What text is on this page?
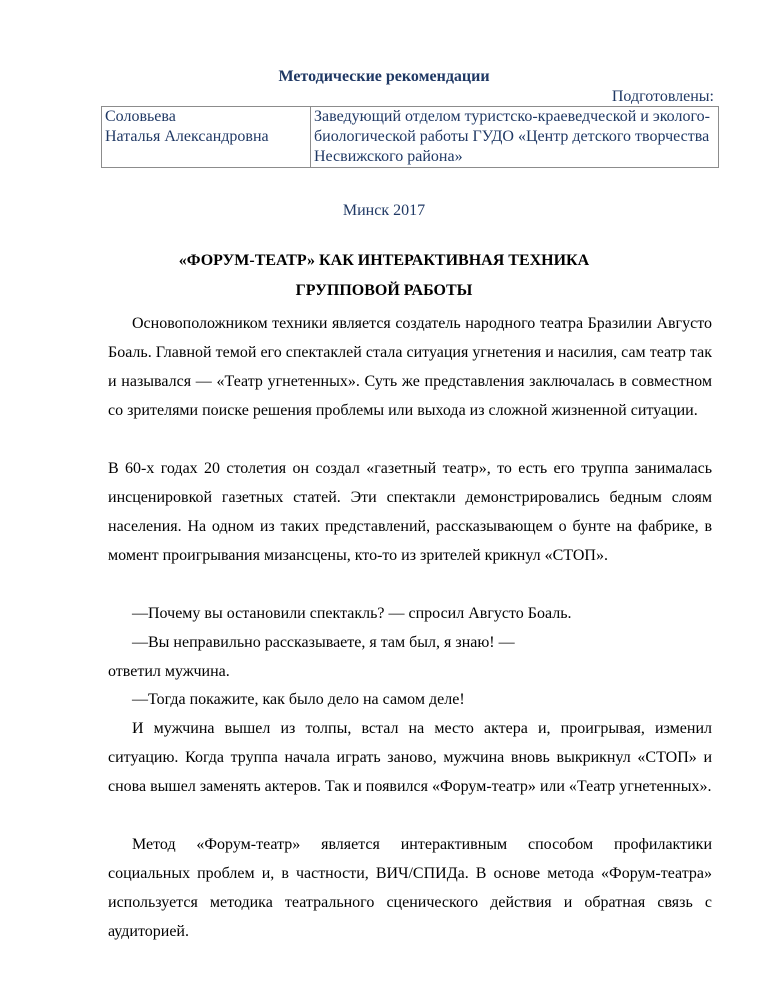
Методические рекомендации
Подготовлены:
Соловьева
Наталья Александровна
	Заведующий отделом туристско-краеведческой и эколого-биологической работы ГУДО «Центр детского творчества Несвижского района»
Минск 2017
«ФОРУМ-ТЕАТР» КАК ИНТЕРАКТИВНАЯ ТЕХНИКА
ГРУППОВОЙ РАБОТЫ
Основоположником техники является создатель народного театра Бразилии Августо Боаль. Главной темой его спектаклей стала ситуация угнетения и насилия, сам театр так и назывался — «Театр угнетенных». Суть же представления заключалась в совместном со зрителями поиске решения проблемы или выхода из сложной жизненной ситуации.
В 60-х годах 20 столетия он создал «газетный театр», то есть его труппа занималась инсценировкой газетных статей. Эти спектакли демонстрировались бедным слоям населения. На одном из таких представлений, рассказывающем о бунте на фабрике, в момент проигрывания мизансцены, кто-то из зрителей крикнул «СТОП».
—Почему вы остановили спектакль? — спросил Августо Боаль.
—Вы неправильно рассказываете, я там был, я знаю! —
ответил мужчина.
—Тогда покажите, как было дело на самом деле!
И мужчина вышел из толпы, встал на место актера и, проигрывая, изменил ситуацию. Когда труппа начала играть заново, мужчина вновь выкрикнул «СТОП» и снова вышел заменять актеров. Так и появился «Форум-театр» или «Театр угнетенных».
Метод «Форум-театр» является интерактивным способом профилактики социальных проблем и, в частности, ВИЧ/СПИДа. В основе метода «Форум-театра» используется методика театрального сценического действия и обратная связь с аудиторией.
